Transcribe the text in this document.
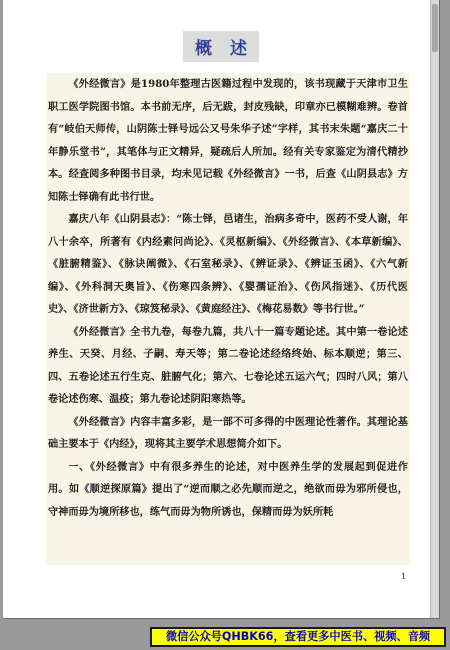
概 述

《外经微言》是1980年整理古医籍过程中发现的，该书现藏于天津市卫生职工医学院图书馆。本书前无序，后无跋，封皮残缺，印章亦已模糊难辨。卷首有“岐伯天师传，山阴陈士铎号远公又号朱华子述”字样，其书末朱题“嘉庆二十年静乐堂书”，其笔体与正文精异，疑疏后人所加。经有关专家鉴定为清代精抄本。经查阅多种图书目录，均未见记载《外经微言》一书，后查《山阴县志》方知陈士铎确有此书行世。

嘉庆八年《山阴县志》：“陈士铎，邑诸生，治病多奇中，医药不受人谢，年八十余卒，所著有《内经素问尚论》、《灵枢新编》、《外经微言》、《本草新编》、《脏腑精鉴》、《脉诀阐微》、《石室秘录》、《辨证录》、《辨证玉函》、《六气新编》、《外科洞天奥旨》、《伤寒四条辨》、《婴孺证治》、《伤风指迷》、《历代医史》、《济世新方》、《琼笈秘录》、《黄庭经注》、《梅花易数》等书行世。”

《外经微言》全书九卷，每卷九篇，共八十一篇专题论述。其中第一卷论述养生、天癸、月经、子嗣、寿天等；第二卷论述经络终始、标本顺逆；第三、四、五卷论述五行生克、脏腑气化；第六、七卷论述五运六气；四时八风；第八卷论述伤寒、温疫；第九卷论述阴阳寒热等。

《外经微言》内容丰富多彩，是一部不可多得的中医理论性著作。其理论基础主要本于《内经》，现将其主要学术思想简介如下。

一、《外经微言》中有很多养生的论述，对中医养生学的发展起到促进作用。如《顺逆探原篇》提出了“逆而顺之必先顺而逆之，绝欲而毋为邪所侵也，守神而毋为境所移也，练气而毋为物所诱也，保精而毋为妖所耗

1
微信公众号QHBK66，查看更多中医书、视频、音频
